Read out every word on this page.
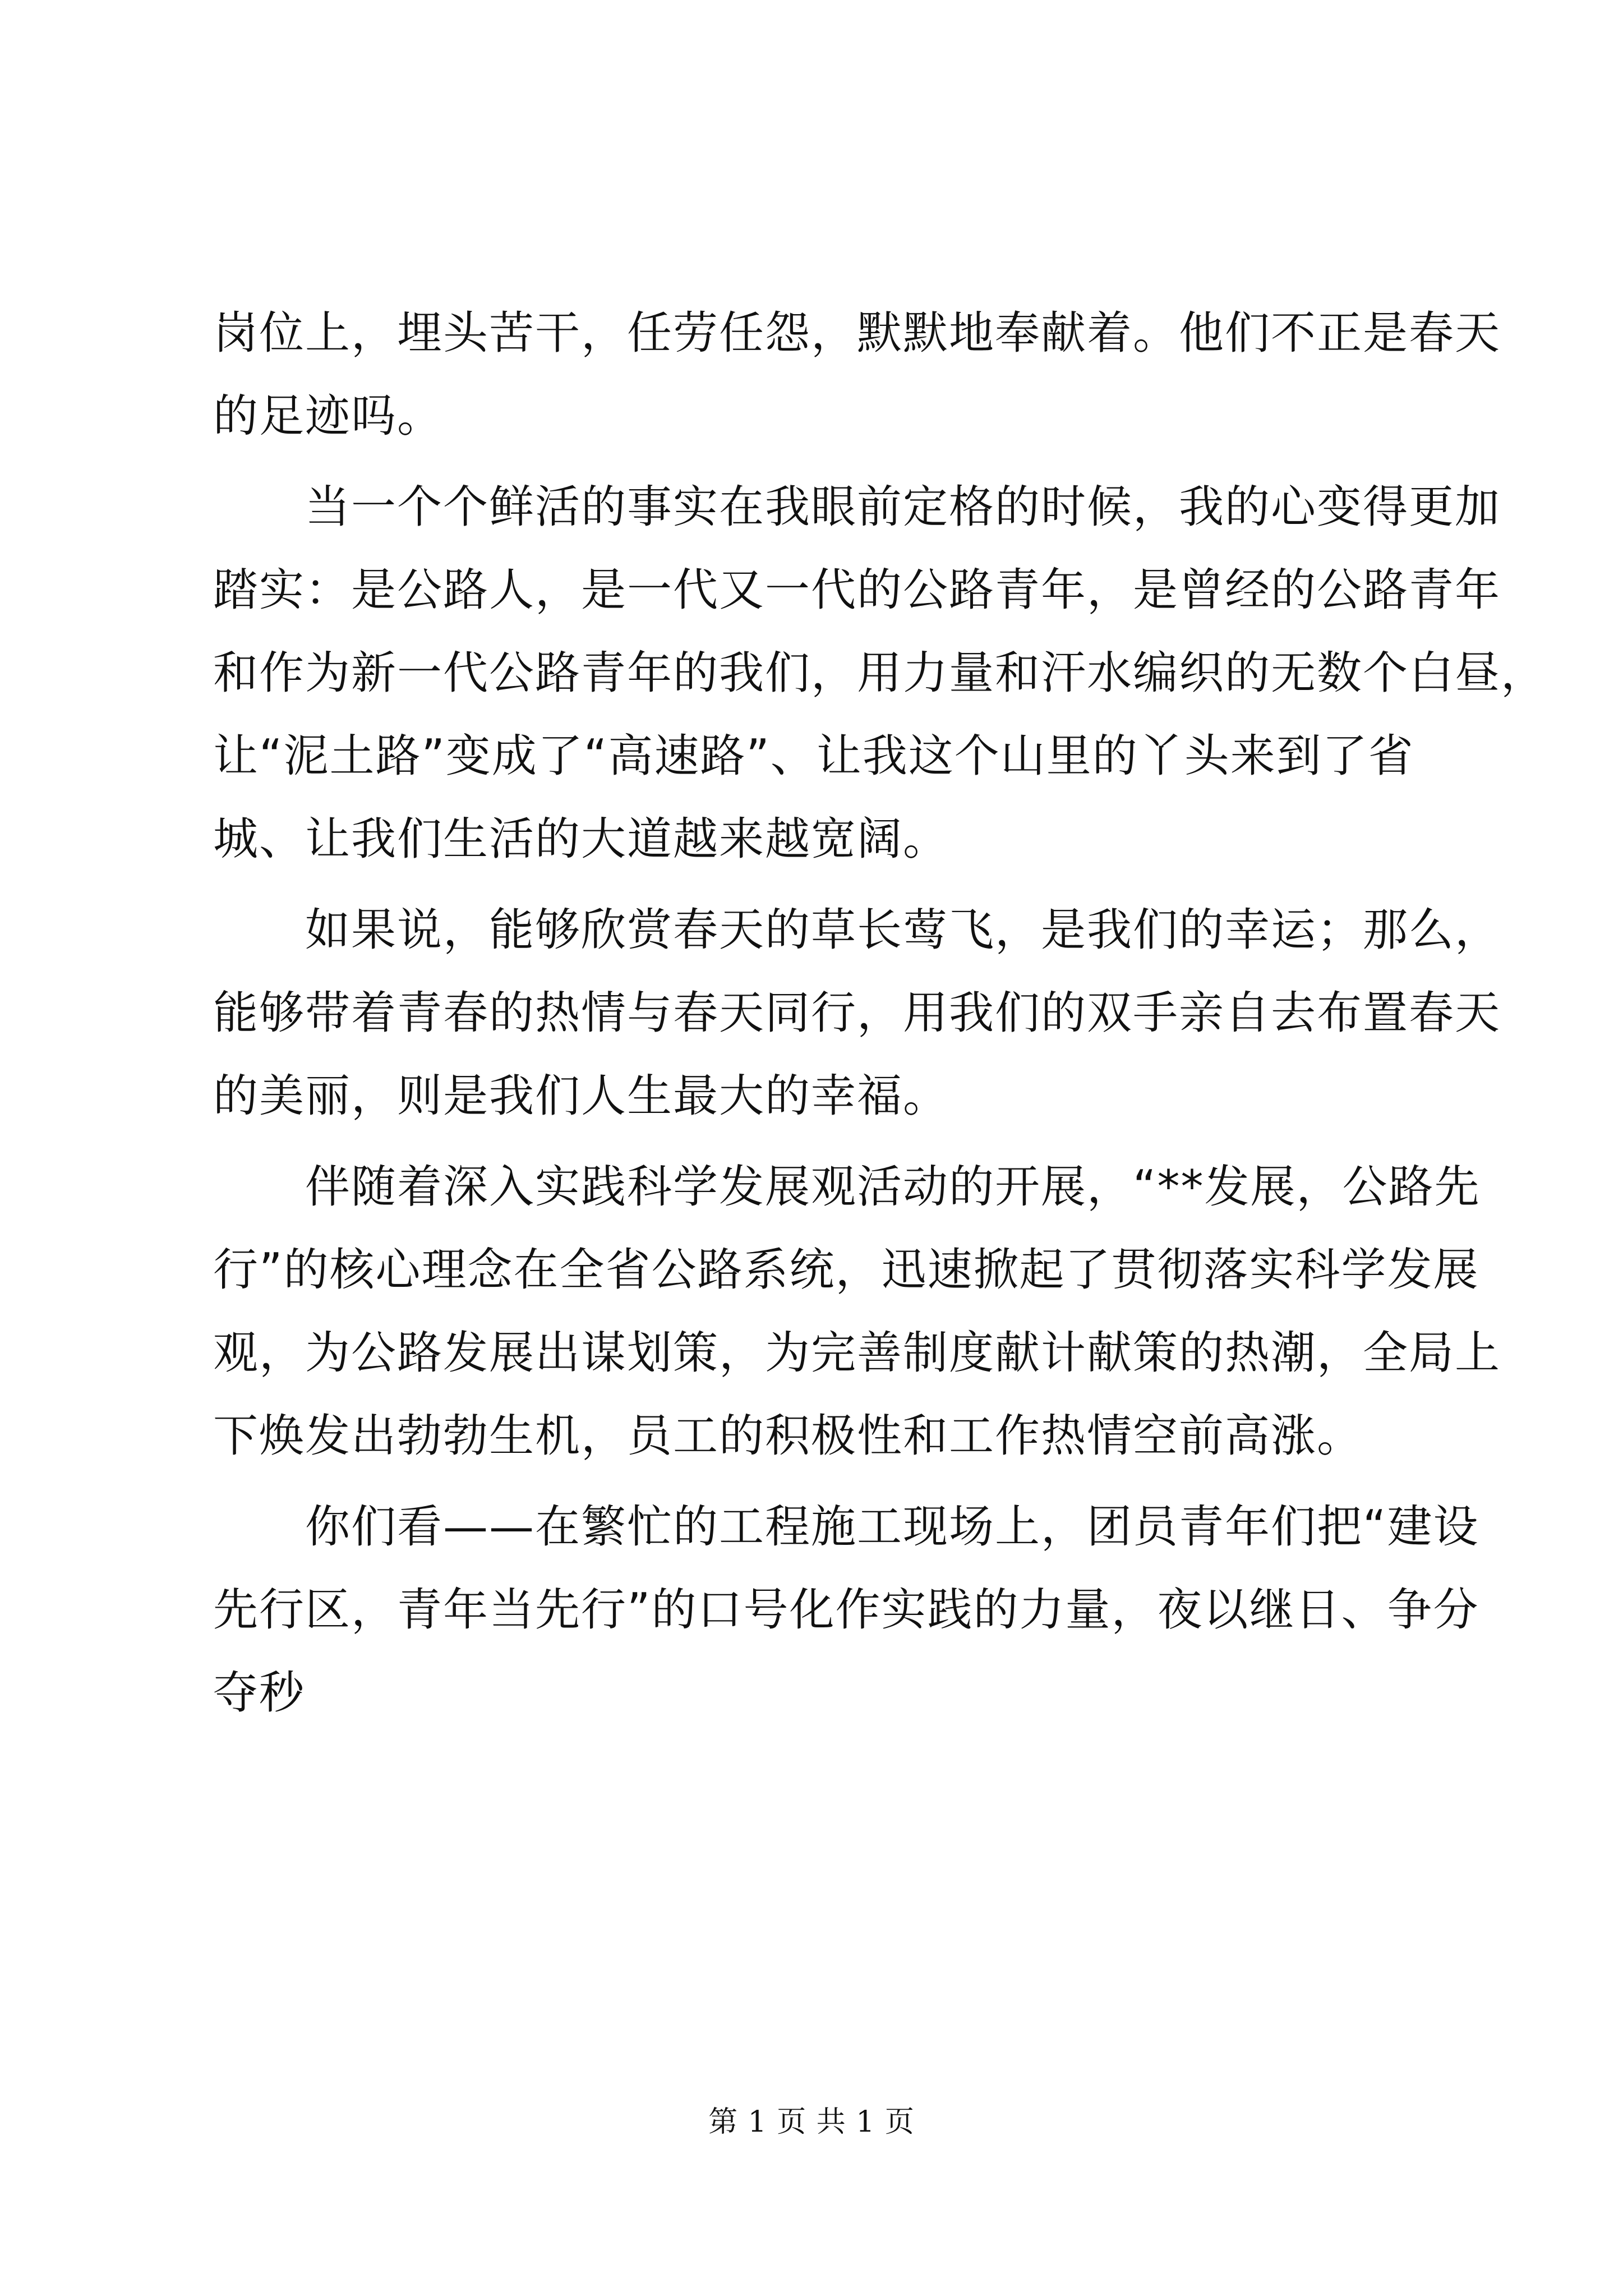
岗位上，埋头苦干，任劳任怨，默默地奉献着。他们不正是春天
的足迹吗。
当一个个鲜活的事实在我眼前定格的时候，我的心变得更加
踏实：是公路人，是一代又一代的公路青年，是曾经的公路青年
和作为新一代公路青年的我们，用力量和汗水编织的无数个白昼，
让“泥土路”变成了“高速路”、让我这个山里的丫头来到了省
城、让我们生活的大道越来越宽阔。
如果说，能够欣赏春天的草长莺飞，是我们的幸运；那么，
能够带着青春的热情与春天同行，用我们的双手亲自去布置春天
的美丽，则是我们人生最大的幸福。
伴随着深入实践科学发展观活动的开展，“**发展，公路先
行”的核心理念在全省公路系统，迅速掀起了贯彻落实科学发展
观，为公路发展出谋划策，为完善制度献计献策的热潮，全局上
下焕发出勃勃生机，员工的积极性和工作热情空前高涨。
你们看——在繁忙的工程施工现场上，团员青年们把“建设
先行区，青年当先行”的口号化作实践的力量，夜以继日、争分
夺秒
第 1 页 共 1 页
